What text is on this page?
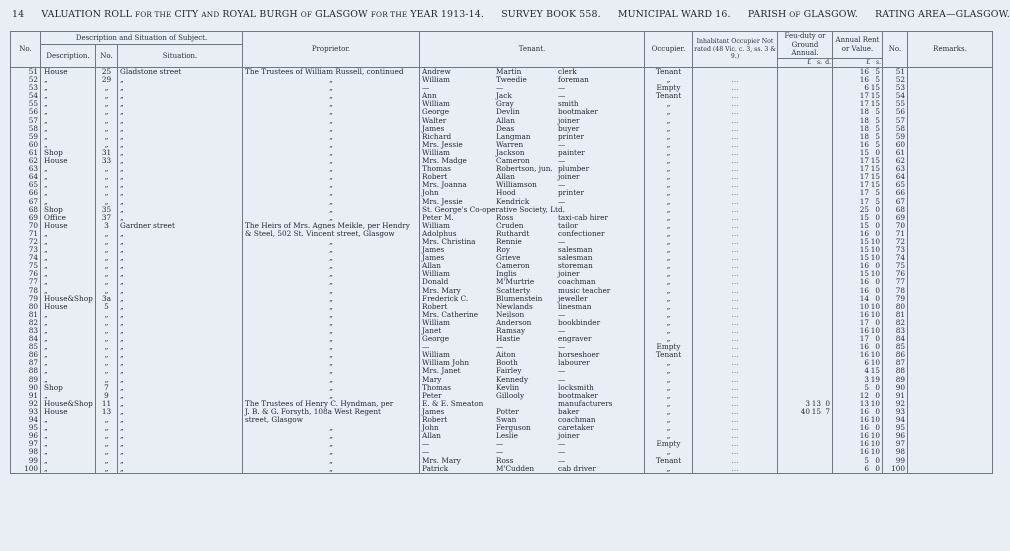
14 VALUATION ROLL FOR THE CITY AND ROYAL BURGH OF GLASGOW FOR THE YEAR 1913-14. SURVEY BOOK 558. MUNICIPAL WARD 16. PARISH OF GLASGOW. RATING AREA—GLASGOW.
No.	Description and Situation of Subject.			Proprietor.	Tenant.	Occupier.	Inhabitant Occupier Not rated (48 Vic. c. 3, ss. 3 & 9.)	Feu-duty or Ground Annual.	Annual Rent or Value.	No.	Remarks.
	Description.	No.	Situation.								

								£ s. d.	£ s.		

51	House	25	Gladstone street	The Trustees of William Russell, continued	Andrew Martin clerk	Tenant			16 5	51	
52	„	29	„	„	William Tweedie foreman	„	...		16 5	52	
53	„	„	„	„	— — —	Empty	...		6 15	53	
54	„	„	„	„	Ann Jack —	Tenant	...		17 15	54	
55	„	„	„	„	William Gray smith	„	...		17 15	55	
56	„	„	„	„	George Devlin bootmaker	„	...		18 5	56	
57	„	„	„	„	Walter Allan joiner	„	...		18 5	57	
58	„	„	„	„	James Deas buyer	„	...		18 5	58	
59	„	„	„	„	Richard Langman printer	„	...		18 5	59	
60	„	„	„	„	Mrs. Jessie Warren —	„	...		16 5	60	
61	Shop	31	„	„	William Jackson painter	„	...		15 0	61	
62	House	33	„	„	Mrs. Madge Cameron —	„	...		17 15	62	
63	„	„	„	„	Thomas Robertson, jun. plumber	„	...		17 15	63	
64	„	„	„	„	Robert Allan joiner	„	...		17 15	64	
65	„	„	„	„	Mrs. Joanna Williamson —	„	...		17 15	65	
66	„	„	„	„	John Hood printer	„	...		17 5	66	
67	„	„	„	„	Mrs. Jessie Kendrick —	„	...		17 5	67	
68	Shop	35	„	„	St. George's Co-operative Society, Ltd.	„	...		25 0	68	
69	Office	37	„	„	Peter M. Ross taxi-cab hirer	„	...		15 0	69	
70	House	3	Gardner street	The Heirs of Mrs. Agnes Meikle, per Hendry	William Cruden tailor	„	...		15 0	70	
71	„	„	„	& Steel, 502 St. Vincent street, Glasgow	Adolphus Ruthardt confectioner	„	...		16 0	71	
72	„	„	„	„	Mrs. Christina Rennie —	„	...		15 10	72	
73	„	„	„	„	James Roy salesman	„	...		15 10	73	
74	„	„	„	„	James Grieve salesman	„	...		15 10	74	
75	„	„	„	„	Allan Cameron storeman	„	...		16 0	75	
76	„	„	„	„	William Inglis joiner	„	...		15 10	76	
77	„	„	„	„	Donald M'Murtrie coachman	„	...		16 0	77	
78	„	„	„	„	Mrs. Mary Scatterty music teacher	„	...		16 0	78	
79	House&Shop	3a	„	„	Frederick C. Blumenstein jeweller	„	...		14 0	79	
80	House	5	„	„	Robert Newlands linesman	„	...		10 10	80	
81	„	„	„	„	Mrs. Catherine Neilson —	„	...		16 10	81	
82	„	„	„	„	William Anderson bookbinder	„	...		17 0	82	
83	„	„	„	„	Janet Ramsay —	„	...		16 10	83	
84	„	„	„	„	George Hastie engraver	„	...		17 0	84	
85	„	„	„	„	— — —	Empty	...		16 0	85	
86	„	„	„	„	William Aiton horseshoer	Tenant	...		16 10	86	
87	„	„	„	„	William John Booth labourer	„	...		6 10	87	
88	„	„	„	„	Mrs. Janet Fairley —	„	...		4 15	88	
89	„	„	„	„	Mary Kennedy —	„	...		3 19	89	
90	Shop	7	„	„	Thomas Kevlin locksmith	„	...		5 0	90	
91	„	9	„	„	Peter Gillooly bootmaker	„	...		12 0	91	
92	House&Shop	11	„	The Trustees of Henry C. Hyndman, per	E. & E. Smeaton manufacturers	„	...	3 13 0	13 10	92	
93	House	13	„	J. B. & G. Forsyth, 108a West Regent	James Potter baker	„	...	40 15 7	16 0	93	
94	„	„	„	street, Glasgow	Robert Swan coachman	„	...		16 10	94	
95	„	„	„	„	John Ferguson caretaker	„	...		16 0	95	
96	„	„	„	„	Allan Leslie joiner	„	...		16 10	96	
97	„	„	„	„	— — —	Empty	...		16 10	97	
98	„	„	„	„	— — —	„	...		16 10	98	
99	„	„	„	„	Mrs. Mary Ross —	Tenant	...		5 0	99	
100	„	„	„	„	Patrick M'Cudden cab driver	„	...		6 0	100	
